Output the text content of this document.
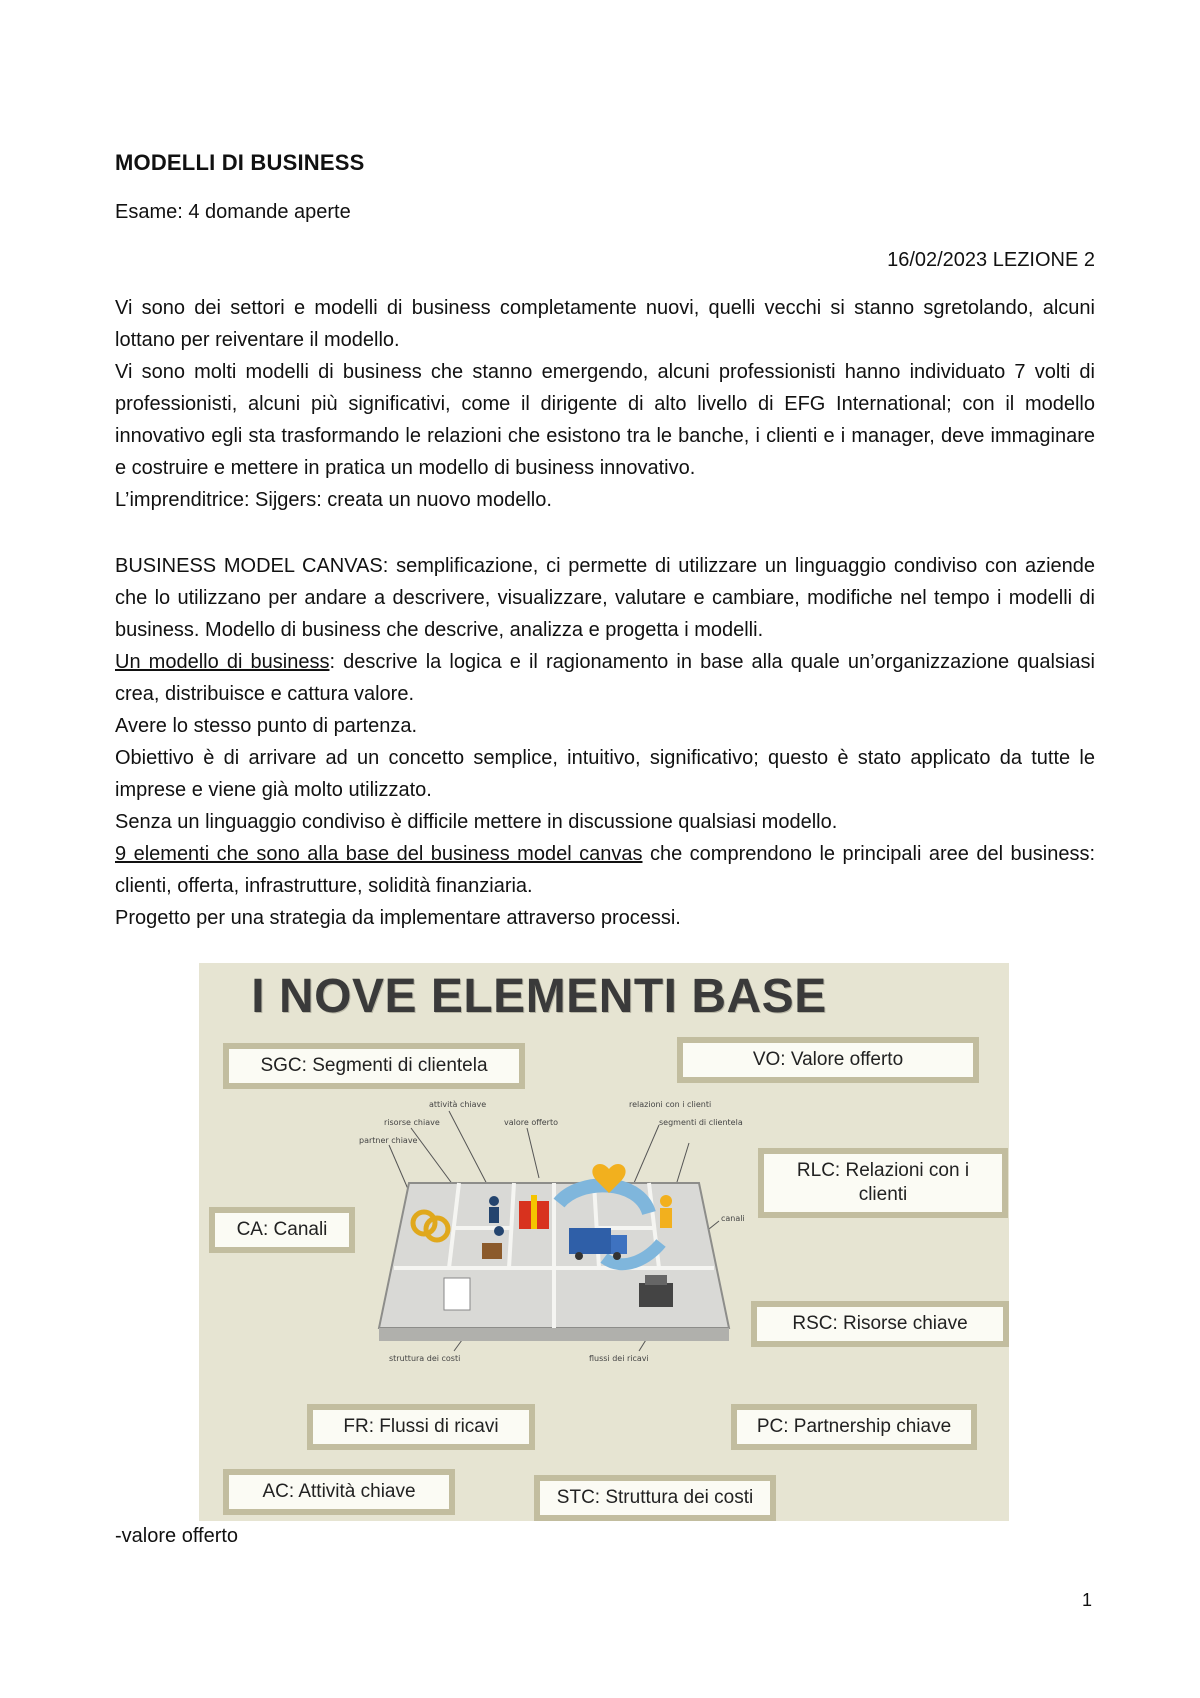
MODELLI DI BUSINESS
Esame: 4 domande aperte
16/02/2023 LEZIONE 2

Vi sono dei settori e modelli di business completamente nuovi, quelli vecchi si stanno sgretolando, alcuni lottano per reiventare il modello.

Vi sono molti modelli di business che stanno emergendo, alcuni professionisti hanno individuato 7 volti di professionisti, alcuni più significativi, come il dirigente di alto livello di EFG International; con il modello innovativo egli sta trasformando le relazioni che esistono tra le banche, i clienti e i manager, deve immaginare e costruire e mettere in pratica un modello di business innovativo.

L’imprenditrice: Sijgers: creata un nuovo modello.

BUSINESS MODEL CANVAS: semplificazione, ci permette di utilizzare un linguaggio condiviso con aziende che lo utilizzano per andare a descrivere, visualizzare, valutare e cambiare, modifiche nel tempo i modelli di business. Modello di business che descrive, analizza e progetta i modelli.

Un modello di business: descrive la logica e il ragionamento in base alla quale un’organizzazione qualsiasi crea, distribuisce e cattura valore.

Avere lo stesso punto di partenza.

Obiettivo è di arrivare ad un concetto semplice, intuitivo, significativo; questo è stato applicato da tutte le imprese e viene già molto utilizzato.

Senza un linguaggio condiviso è difficile mettere in discussione qualsiasi modello.

9 elementi che sono alla base del business model canvas che comprendono le principali aree del business: clienti, offerta, infrastrutture, solidità finanziaria.

Progetto per una strategia da implementare attraverso processi.

I NOVE ELEMENTI BASE
SGC: Segmenti di clientela	VO: Valore offerto
RLC: Relazioni con i clienti
CA: Canali
RSC: Risorse chiave
FR: Flussi di ricavi	PC: Partnership chiave
AC: Attività chiave	STC: Struttura dei costi
attività chiave
risorse chiave
partner chiave
valore offerto
relazioni con i clienti
segmenti di clientela
canali
struttura dei costi	flussi dei ricavi
-valore offerto
1
